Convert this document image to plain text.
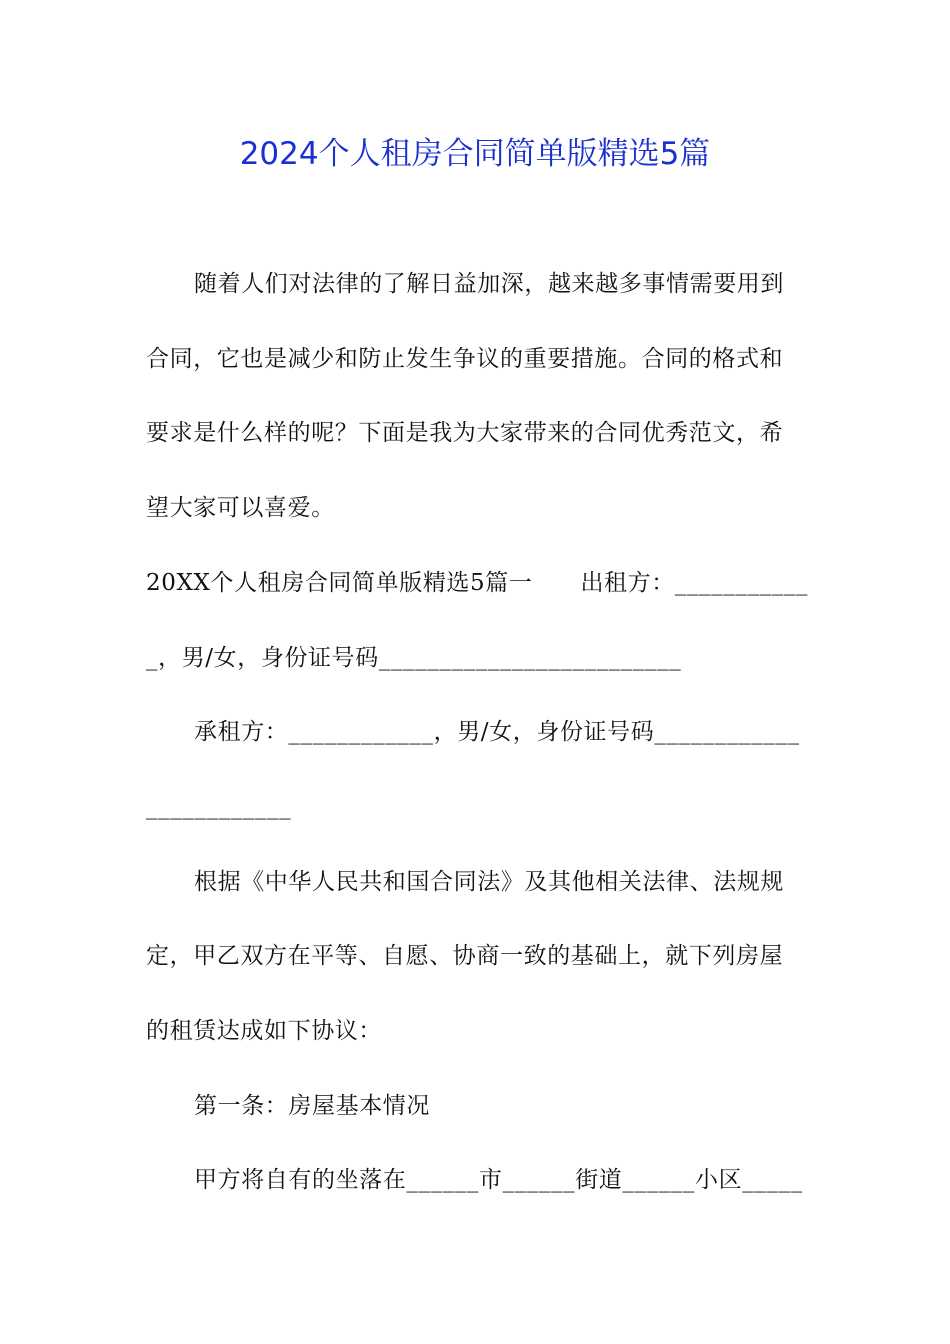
2024个人租房合同简单版精选5篇
随着人们对法律的了解日益加深，越来越多事情需要用到
合同，它也是减少和防止发生争议的重要措施。合同的格式和
要求是什么样的呢？下面是我为大家带来的合同优秀范文，希
望大家可以喜爱。
20XX个人租房合同简单版精选5篇一 出租方：___________
_，男/女，身份证号码_________________________
承租方：____________，男/女，身份证号码____________
____________
根据《中华人民共和国合同法》及其他相关法律、法规规
定，甲乙双方在平等、自愿、协商一致的基础上，就下列房屋
的租赁达成如下协议：
第一条：房屋基本情况
甲方将自有的坐落在______市______街道______小区_____
